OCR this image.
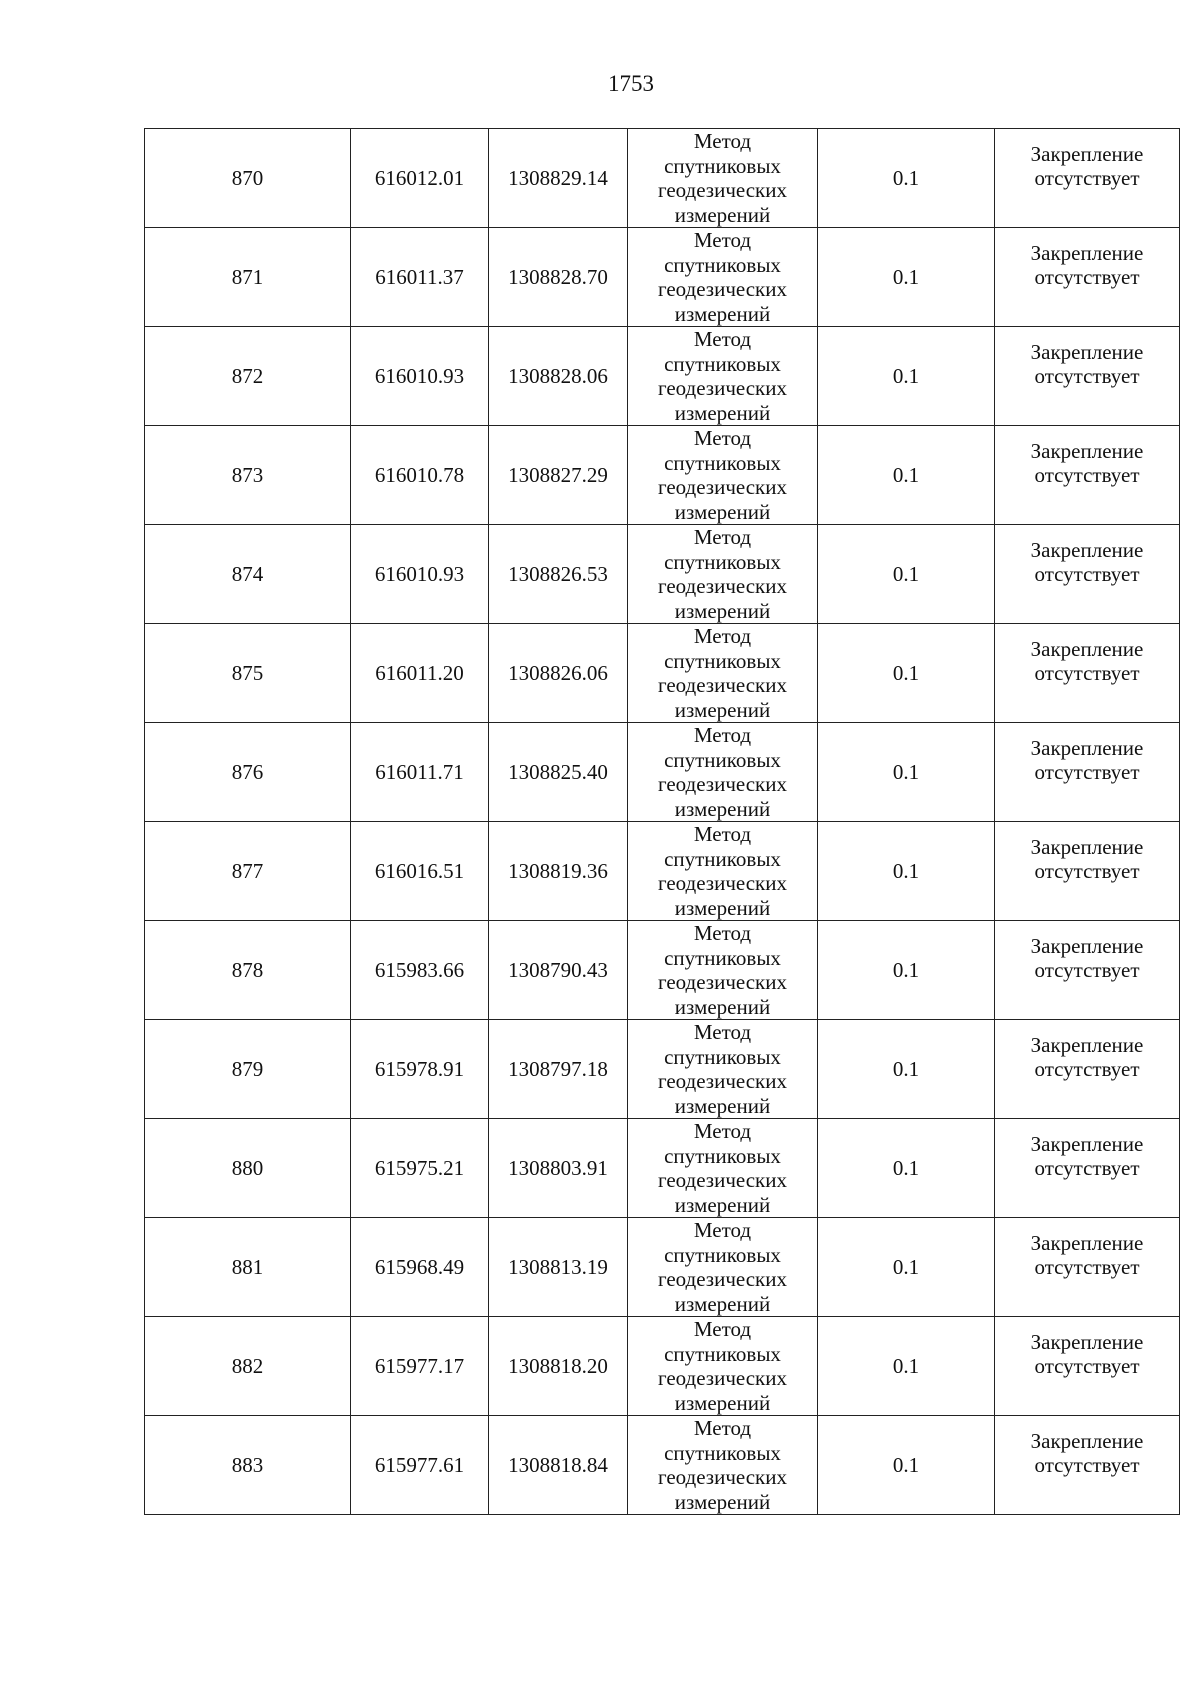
1753
870	616012.01	1308829.14	Метод
спутниковых
геодезических
измерений	0.1	Закрепление
отсутствует

871	616011.37	1308828.70	Метод
спутниковых
геодезических
измерений	0.1	Закрепление
отсутствует

872	616010.93	1308828.06	Метод
спутниковых
геодезических
измерений	0.1	Закрепление
отсутствует

873	616010.78	1308827.29	Метод
спутниковых
геодезических
измерений	0.1	Закрепление
отсутствует

874	616010.93	1308826.53	Метод
спутниковых
геодезических
измерений	0.1	Закрепление
отсутствует

875	616011.20	1308826.06	Метод
спутниковых
геодезических
измерений	0.1	Закрепление
отсутствует

876	616011.71	1308825.40	Метод
спутниковых
геодезических
измерений	0.1	Закрепление
отсутствует

877	616016.51	1308819.36	Метод
спутниковых
геодезических
измерений	0.1	Закрепление
отсутствует

878	615983.66	1308790.43	Метод
спутниковых
геодезических
измерений	0.1	Закрепление
отсутствует

879	615978.91	1308797.18	Метод
спутниковых
геодезических
измерений	0.1	Закрепление
отсутствует

880	615975.21	1308803.91	Метод
спутниковых
геодезических
измерений	0.1	Закрепление
отсутствует

881	615968.49	1308813.19	Метод
спутниковых
геодезических
измерений	0.1	Закрепление
отсутствует

882	615977.17	1308818.20	Метод
спутниковых
геодезических
измерений	0.1	Закрепление
отсутствует

883	615977.61	1308818.84	Метод
спутниковых
геодезических
измерений	0.1	Закрепление
отсутствует
